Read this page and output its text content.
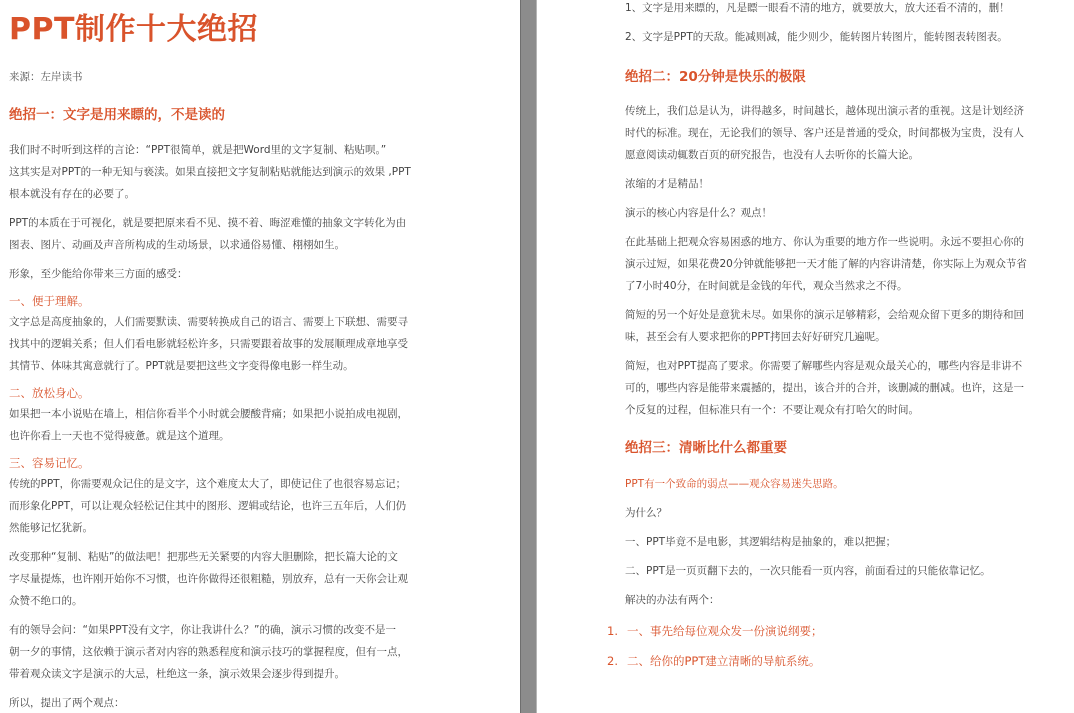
PPT制作十大绝招
来源：左岸读书
绝招一：文字是用来瞟的，不是读的
我们时不时听到这样的言论：“PPT很简单，就是把Word里的文字复制、粘贴呗。”
这其实是对PPT的一种无知与亵渎。如果直接把文字复制粘贴就能达到演示的效果 ,PPT
根本就没有存在的必要了。
PPT的本质在于可视化，就是要把原来看不见、摸不着、晦涩难懂的抽象文字转化为由
图表、图片、动画及声音所构成的生动场景，以求通俗易懂、栩栩如生。
形象，至少能给你带来三方面的感受：
一、便于理解。
文字总是高度抽象的，人们需要默读、需要转换成自己的语言、需要上下联想、需要寻
找其中的逻辑关系；但人们看电影就轻松许多，只需要跟着故事的发展顺理成章地享受
其情节、体味其寓意就行了。PPT就是要把这些文字变得像电影一样生动。
二、放松身心。
如果把一本小说贴在墙上，相信你看半个小时就会腰酸背痛；如果把小说拍成电视剧，
也许你看上一天也不觉得疲惫。就是这个道理。
三、容易记忆。
传统的PPT，你需要观众记住的是文字，这个难度太大了，即使记住了也很容易忘记；
而形象化PPT，可以让观众轻松记住其中的图形、逻辑或结论，也许三五年后，人们仍
然能够记忆犹新。
改变那种“复制、粘贴”的做法吧！把那些无关紧要的内容大胆删除，把长篇大论的文
字尽量提炼，也许刚开始你不习惯，也许你做得还很粗糙，别放弃，总有一天你会让观
众赞不绝口的。
有的领导会问：“如果PPT没有文字，你让我讲什么？”的确，演示习惯的改变不是一
朝一夕的事情，这依赖于演示者对内容的熟悉程度和演示技巧的掌握程度，但有一点，
带着观众读文字是演示的大忌，杜绝这一条，演示效果会逐步得到提升。
所以，提出了两个观点：
1、文字是用来瞟的，凡是瞟一眼看不清的地方，就要放大，放大还看不清的，删！
2、文字是PPT的天敌。能减则减，能少则少，能转图片转图片，能转图表转图表。
绝招二：20分钟是快乐的极限
传统上，我们总是认为，讲得越多，时间越长，越体现出演示者的重视。这是计划经济
时代的标准。现在，无论我们的领导、客户还是普通的受众，时间都极为宝贵，没有人
愿意阅读动辄数百页的研究报告，也没有人去听你的长篇大论。
浓缩的才是精品！
演示的核心内容是什么？观点！
在此基础上把观众容易困惑的地方、你认为重要的地方作一些说明。永远不要担心你的
演示过短，如果花费20分钟就能够把一天才能了解的内容讲清楚，你实际上为观众节省
了7小时40分，在时间就是金钱的年代，观众当然求之不得。
简短的另一个好处是意犹未尽。如果你的演示足够精彩，会给观众留下更多的期待和回
味，甚至会有人要求把你的PPT拷回去好好研究几遍呢。
简短，也对PPT提高了要求。你需要了解哪些内容是观众最关心的，哪些内容是非讲不
可的，哪些内容是能带来震撼的，提出，该合并的合并，该删减的删减。也许，这是一
个反复的过程，但标准只有一个：不要让观众有打哈欠的时间。
绝招三：清晰比什么都重要
PPT有一个致命的弱点——观众容易迷失思路。
为什么？
一、PPT毕竟不是电影，其逻辑结构是抽象的，难以把握；
二、PPT是一页页翻下去的，一次只能看一页内容，前面看过的只能依靠记忆。
解决的办法有两个：
1. 一、事先给每位观众发一份演说纲要；
2. 二、给你的PPT建立清晰的导航系统。
